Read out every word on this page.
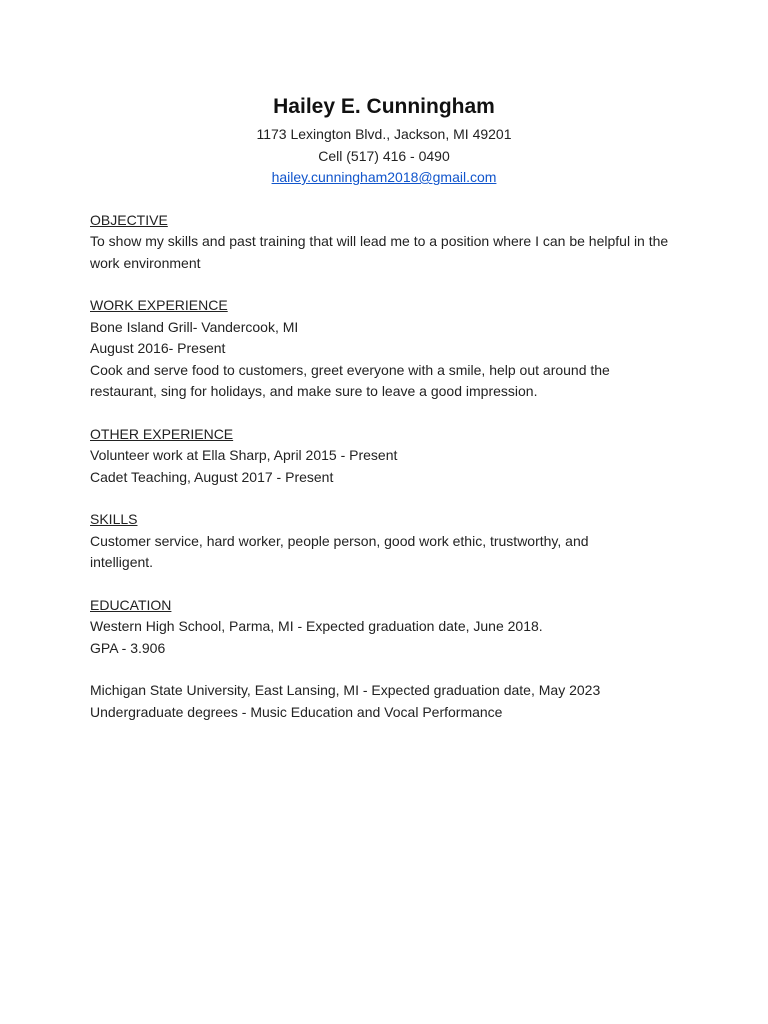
Hailey E. Cunningham

1173 Lexington Blvd., Jackson, MI 49201

Cell (517) 416 - 0490

hailey.cunningham2018@gmail.com

OBJECTIVE

To show my skills and past training that will lead me to a position where I can be helpful in the work environment

WORK EXPERIENCE

Bone Island Grill- Vandercook, MI

August 2016- Present

Cook and serve food to customers, greet everyone with a smile, help out around the restaurant, sing for holidays, and make sure to leave a good impression.

OTHER EXPERIENCE

Volunteer work at Ella Sharp, April 2015 - Present

Cadet Teaching, August 2017 - Present

SKILLS

Customer service, hard worker, people person, good work ethic, trustworthy, and intelligent.

EDUCATION

Western High School, Parma, MI - Expected graduation date, June 2018.

GPA - 3.906

Michigan State University, East Lansing, MI - Expected graduation date, May 2023

Undergraduate degrees - Music Education and Vocal Performance
